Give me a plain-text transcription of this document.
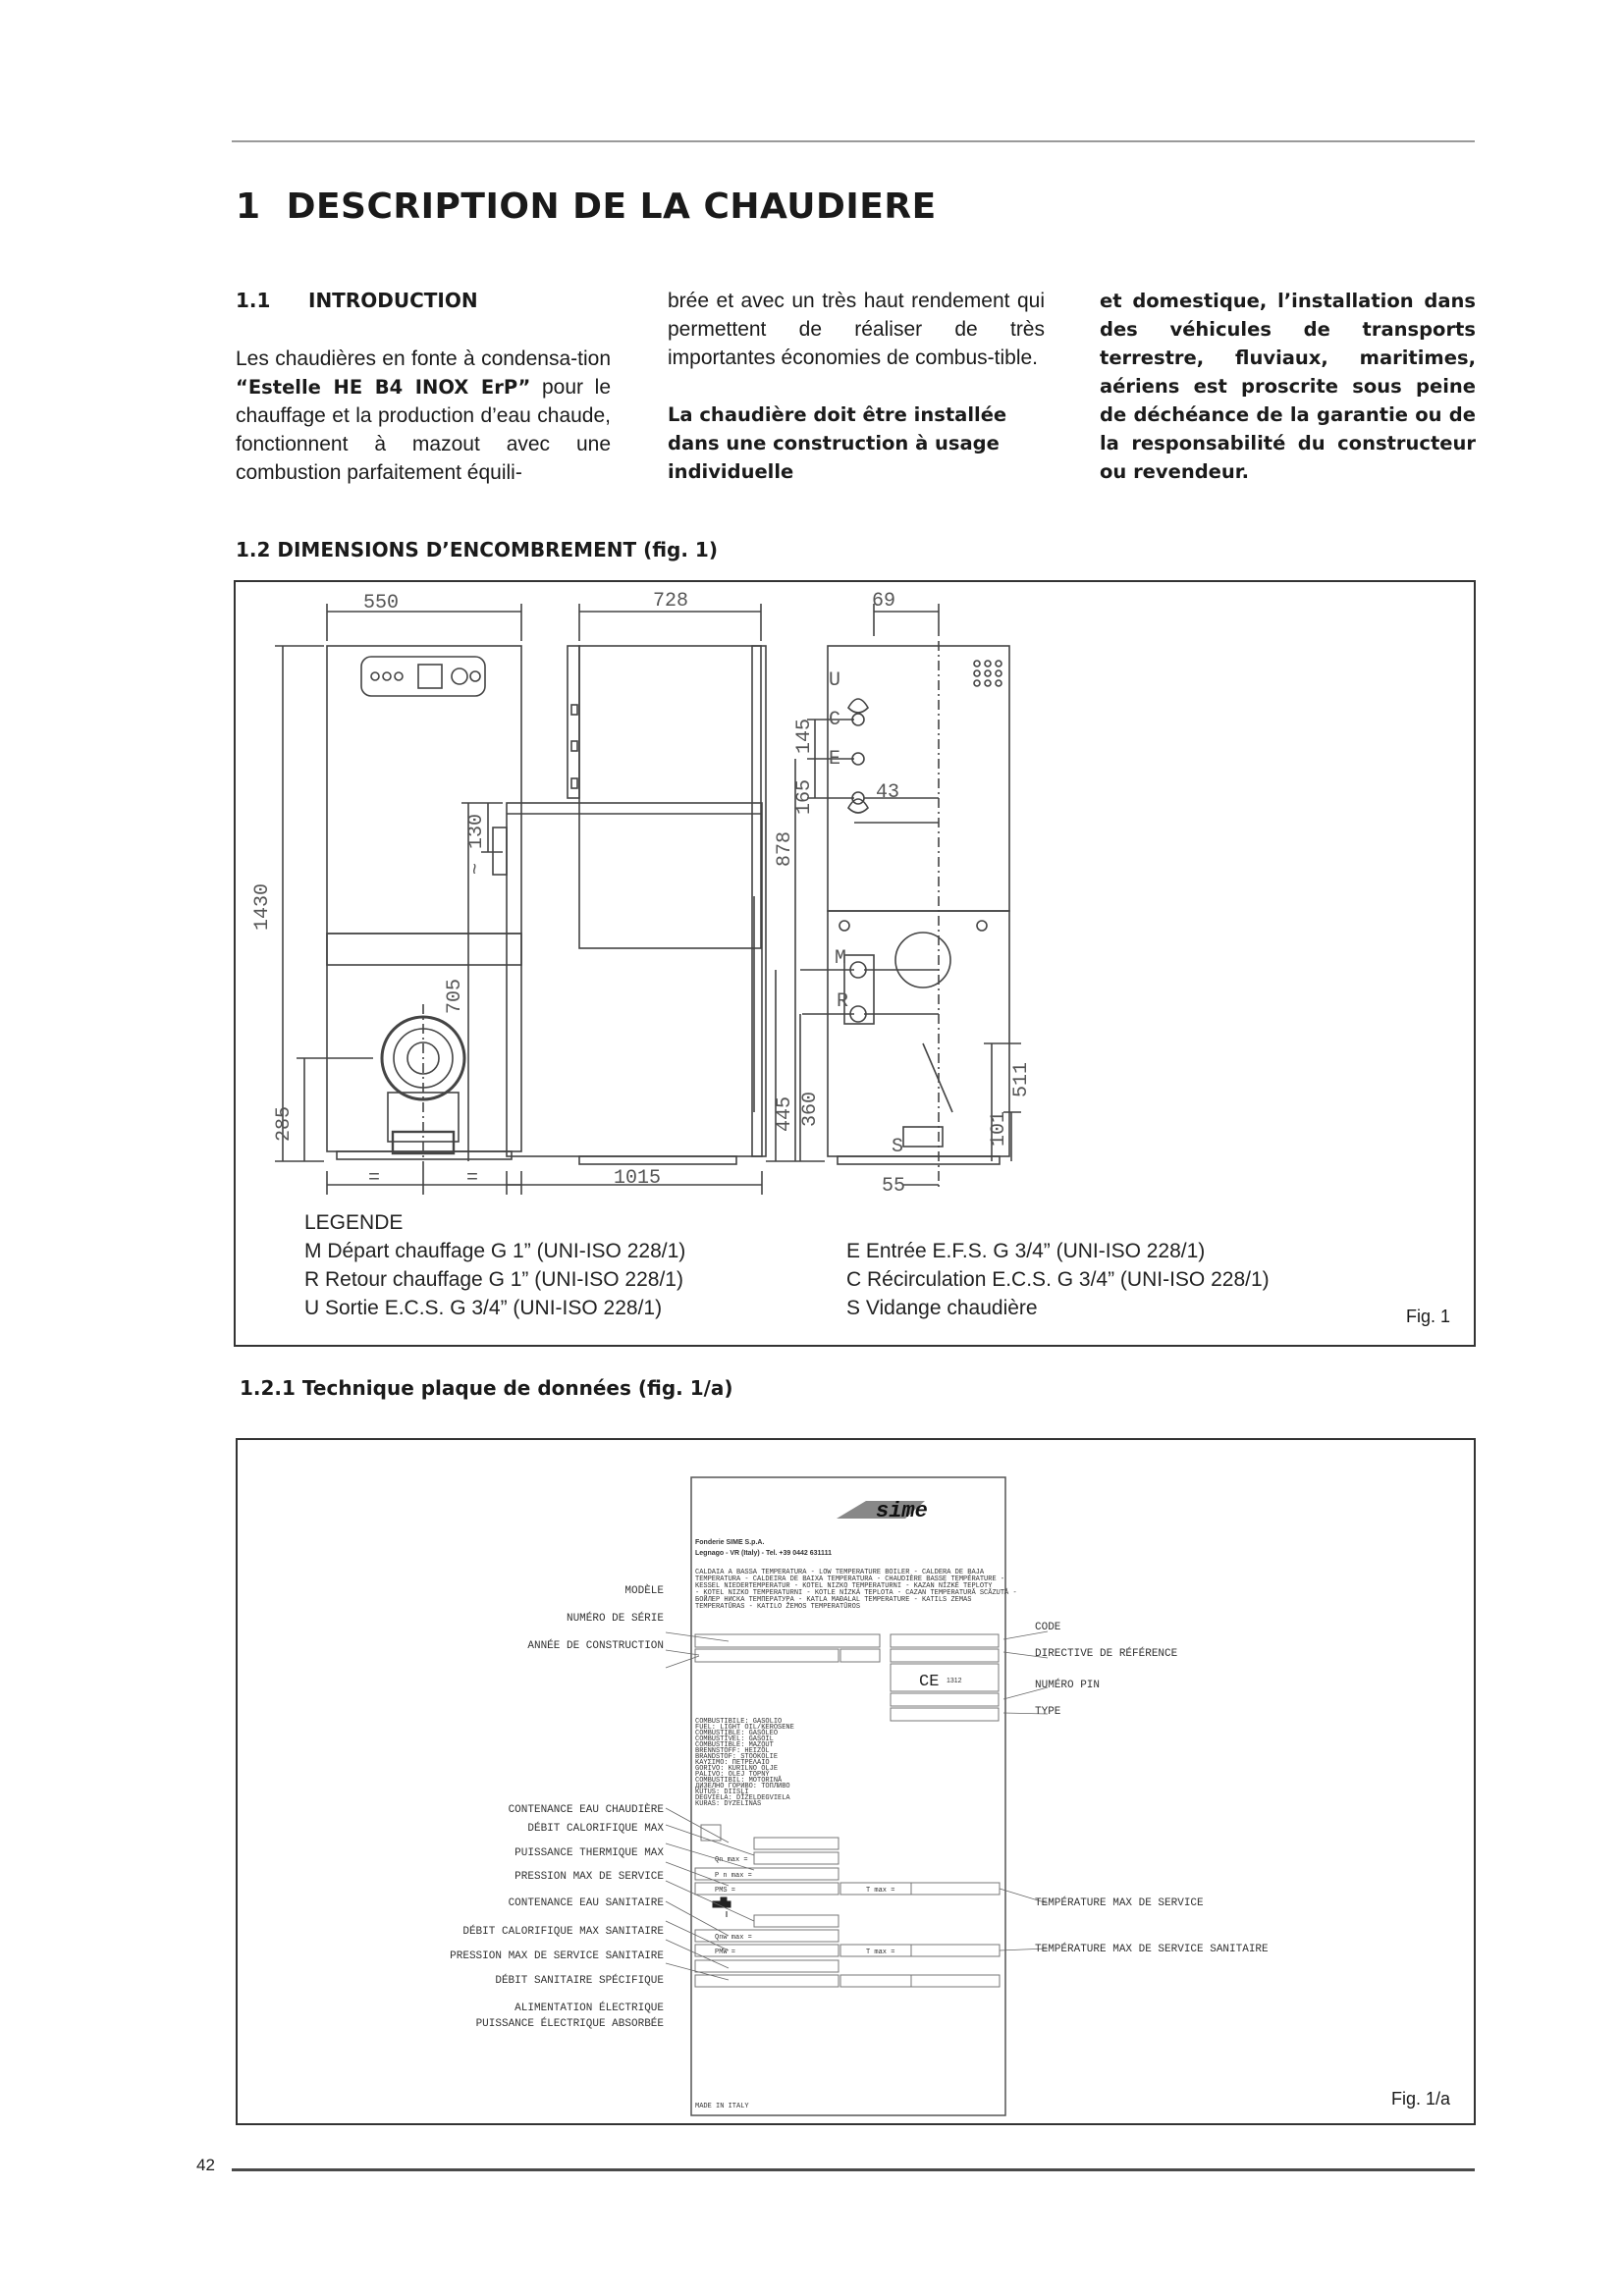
1 DESCRIPTION DE LA CHAUDIERE
1.1 INTRODUCTION

Les chaudières en fonte à condensa-tion “Estelle HE B4 INOX ErP” pour le chauffage et la production d’eau chaude, fonctionnent à mazout avec une combustion parfaitement équili-

brée et avec un très haut rendement qui permettent de réaliser de très importantes économies de combus-tible.

La chaudière doit être installée dans une construction à usage individuelle

et domestique, l’installation dans des véhicules de transports terrestre, fluviaux, maritimes, aériens est proscrite sous peine de déchéance de la garantie ou de la responsabilité du constructeur ou revendeur.

1.2 DIMENSIONS D’ENCOMBREMENT (fig. 1)
550
1430
285
=	=
728
130
~
705
1015
69
145
165	43
878
445 360
511
101
55
U
C
E
M
R
S
LEGENDE
M Départ chauffage G 1” (UNI-ISO 228/1)
R Retour chauffage G 1” (UNI-ISO 228/1)
U Sortie E.C.S. G 3/4” (UNI-ISO 228/1)
E Entrée E.F.S. G 3/4” (UNI-ISO 228/1)
C Récirculation E.C.S. G 3/4” (UNI-ISO 228/1)
S Vidange chaudière	Fig. 1
1.2.1 Technique plaque de données (fig. 1/a)
sime
Fonderie SIME S.p.A.
Legnago - VR (Italy) - Tel. +39 0442 631111
CALDAIA A BASSA TEMPERATURA - LOW TEMPERATURE BOILER - CALDERA DE BAJA
TEMPERATURA - CALDEIRA DE BAIXA TEMPERATURA - CHAUDIÈRE BASSE TEMPÉRATURE -
KESSEL NIEDERTEMPERATUR - KOTEL NIZKO TEMPERATURNI - KAZAN NÍZKÉ TEPLOTY
- KOTEL NIZKO TEMPERATURNI - KOTLE NÍZKÁ TEPLOTA - CAZAN TEMPERATURĂ SCĂZUTĂ -
БОЙЛЕР НИСКА ТЕМПЕРАТУРА - KATLA MAĐALAL TEMPERATURE - KATILS ZEMAS
TEMPERATŪRAS - KATILO ŽEMOS TEMPERATŪROS
CE 1312
COMBUSTIBILE: GASOLIO
FUEL: LIGHT OIL/KEROSENE
COMBUSTIBLE: GASÓLEO
COMBUSTÍVEL: GASOIL
COMBUSTIBLE: MAZOUT
BRENNSTOFF: HEIZÖL
BRANDSTOF: STOOKOLIE
ΚΑΥΣΙΜΟ: ΠΕΤΡΕΛΑΙΟ
GORIVO: KURILNO OLJE
PALIVO: OLEJ TOPNÝ
COMBUSTIBIL: MOTORINĂ
ДИЗЕЛНО ГОРИВО: ТОПЛИВО
KÜTUS: DIISLI
DEGVIELA: DĪZEĻDEGVIELA
KURAS: DYZELINAS
Qn max =
P n max =
PMS =	T max =
Qnw max =
PMW =	T max =
MADE IN ITALY
MODÈLE
NUMÉRO DE SÉRIE
ANNÉE DE CONSTRUCTION
CONTENANCE EAU CHAUDIÈRE
DÉBIT CALORIFIQUE MAX
PUISSANCE THERMIQUE MAX
PRESSION MAX DE SERVICE
CONTENANCE EAU SANITAIRE
DÉBIT CALORIFIQUE MAX SANITAIRE
PRESSION MAX DE SERVICE SANITAIRE
DÉBIT SANITAIRE SPÉCIFIQUE
ALIMENTATION ÉLECTRIQUE
PUISSANCE ÉLECTRIQUE ABSORBÉE
CODE
DIRECTIVE DE RÉFÉRENCE
NUMÉRO PIN
TYPE
TEMPÉRATURE MAX DE SERVICE
TEMPÉRATURE MAX DE SERVICE SANITAIRE
Fig. 1/a
42
